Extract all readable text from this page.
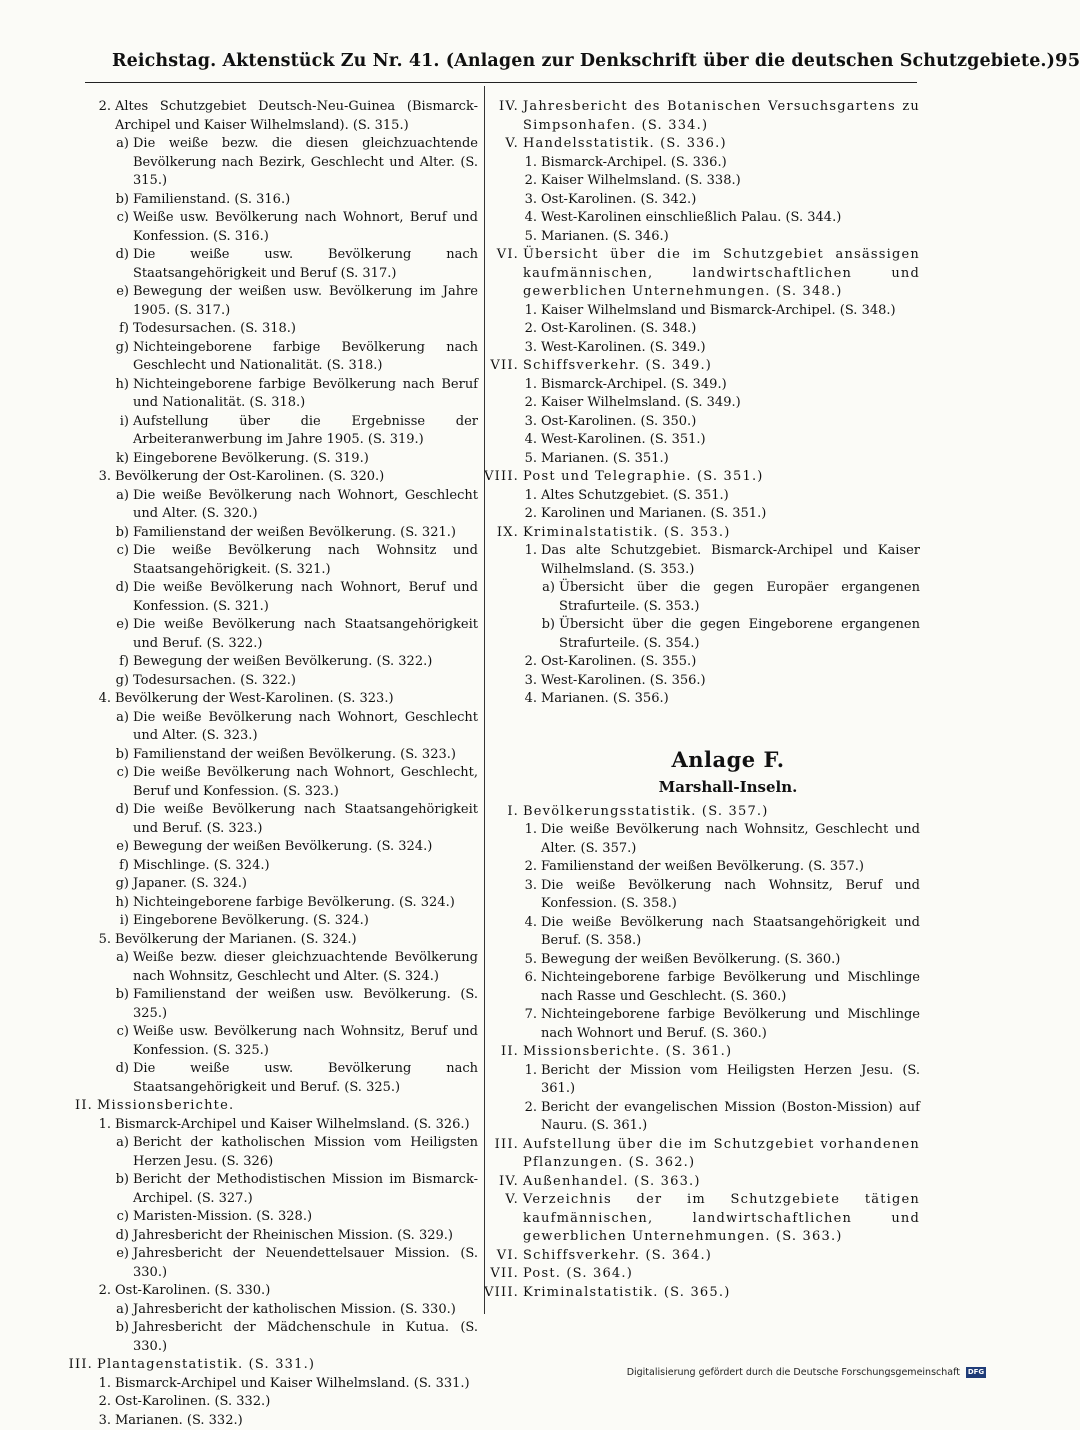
Reichstag. Aktenstück Zu Nr. 41. (Anlagen zur Denkschrift über die deutschen Schutzgebiete.) 95
2. Altes Schutzgebiet Deutsch-Neu-Guinea (Bismarck-Archipel und Kaiser Wilhelmsland). (S. 315.)
a) Die weiße bezw. die diesen gleichzuachtende Bevölkerung nach Bezirk, Geschlecht und Alter. (S. 315.)
b) Familienstand. (S. 316.)
c) Weiße usw. Bevölkerung nach Wohnort, Beruf und Konfession. (S. 316.)
d) Die weiße usw. Bevölkerung nach Staatsangehörigkeit und Beruf (S. 317.)
e) Bewegung der weißen usw. Bevölkerung im Jahre 1905. (S. 317.)
f) Todesursachen. (S. 318.)
g) Nichteingeborene farbige Bevölkerung nach Geschlecht und Nationalität. (S. 318.)
h) Nichteingeborene farbige Bevölkerung nach Beruf und Nationalität. (S. 318.)
i) Aufstellung über die Ergebnisse der Arbeiteranwerbung im Jahre 1905. (S. 319.)
k) Eingeborene Bevölkerung. (S. 319.)
3. Bevölkerung der Ost-Karolinen. (S. 320.)
a) Die weiße Bevölkerung nach Wohnort, Geschlecht und Alter. (S. 320.)
b) Familienstand der weißen Bevölkerung. (S. 321.)
c) Die weiße Bevölkerung nach Wohnsitz und Staatsangehörigkeit. (S. 321.)
d) Die weiße Bevölkerung nach Wohnort, Beruf und Konfession. (S. 321.)
e) Die weiße Bevölkerung nach Staatsangehörigkeit und Beruf. (S. 322.)
f) Bewegung der weißen Bevölkerung. (S. 322.)
g) Todesursachen. (S. 322.)
4. Bevölkerung der West-Karolinen. (S. 323.)
a) Die weiße Bevölkerung nach Wohnort, Geschlecht und Alter. (S. 323.)
b) Familienstand der weißen Bevölkerung. (S. 323.)
c) Die weiße Bevölkerung nach Wohnort, Geschlecht, Beruf und Konfession. (S. 323.)
d) Die weiße Bevölkerung nach Staatsangehörigkeit und Beruf. (S. 323.)
e) Bewegung der weißen Bevölkerung. (S. 324.)
f) Mischlinge. (S. 324.)
g) Japaner. (S. 324.)
h) Nichteingeborene farbige Bevölkerung. (S. 324.)
i) Eingeborene Bevölkerung. (S. 324.)
5. Bevölkerung der Marianen. (S. 324.)
a) Weiße bezw. dieser gleichzuachtende Bevölkerung nach Wohnsitz, Geschlecht und Alter. (S. 324.)
b) Familienstand der weißen usw. Bevölkerung. (S. 325.)
c) Weiße usw. Bevölkerung nach Wohnsitz, Beruf und Konfession. (S. 325.)
d) Die weiße usw. Bevölkerung nach Staatsangehörigkeit und Beruf. (S. 325.)
II. Missionsberichte.
1. Bismarck-Archipel und Kaiser Wilhelmsland. (S. 326.)
a) Bericht der katholischen Mission vom Heiligsten Herzen Jesu. (S. 326)
b) Bericht der Methodistischen Mission im Bismarck-Archipel. (S. 327.)
c) Maristen-Mission. (S. 328.)
d) Jahresbericht der Rheinischen Mission. (S. 329.)
e) Jahresbericht der Neuendettelsauer Mission. (S. 330.)
2. Ost-Karolinen. (S. 330.)
a) Jahresbericht der katholischen Mission. (S. 330.)
b) Jahresbericht der Mädchenschule in Kutua. (S. 330.)
III. Plantagenstatistik. (S. 331.)
1. Bismarck-Archipel und Kaiser Wilhelmsland. (S. 331.)
2. Ost-Karolinen. (S. 332.)
3. Marianen. (S. 332.)
IV. Jahresbericht des Botanischen Versuchsgartens zu Simpsonhafen. (S. 334.)
V. Handelsstatistik. (S. 336.)
1. Bismarck-Archipel. (S. 336.)
2. Kaiser Wilhelmsland. (S. 338.)
3. Ost-Karolinen. (S. 342.)
4. West-Karolinen einschließlich Palau. (S. 344.)
5. Marianen. (S. 346.)
VI. Übersicht über die im Schutzgebiet ansässigen kaufmännischen, landwirtschaftlichen und gewerblichen Unternehmungen. (S. 348.)
1. Kaiser Wilhelmsland und Bismarck-Archipel. (S. 348.)
2. Ost-Karolinen. (S. 348.)
3. West-Karolinen. (S. 349.)
VII. Schiffsverkehr. (S. 349.)
1. Bismarck-Archipel. (S. 349.)
2. Kaiser Wilhelmsland. (S. 349.)
3. Ost-Karolinen. (S. 350.)
4. West-Karolinen. (S. 351.)
5. Marianen. (S. 351.)
VIII. Post und Telegraphie. (S. 351.)
1. Altes Schutzgebiet. (S. 351.)
2. Karolinen und Marianen. (S. 351.)
IX. Kriminalstatistik. (S. 353.)
1. Das alte Schutzgebiet. Bismarck-Archipel und Kaiser Wilhelmsland. (S. 353.)
a) Übersicht über die gegen Europäer ergangenen Strafurteile. (S. 353.)
b) Übersicht über die gegen Eingeborene ergangenen Strafurteile. (S. 354.)
2. Ost-Karolinen. (S. 355.)
3. West-Karolinen. (S. 356.)
4. Marianen. (S. 356.)
Anlage F.
Marshall-Inseln.
I. Bevölkerungsstatistik. (S. 357.)
1. Die weiße Bevölkerung nach Wohnsitz, Geschlecht und Alter. (S. 357.)
2. Familienstand der weißen Bevölkerung. (S. 357.)
3. Die weiße Bevölkerung nach Wohnsitz, Beruf und Konfession. (S. 358.)
4. Die weiße Bevölkerung nach Staatsangehörigkeit und Beruf. (S. 358.)
5. Bewegung der weißen Bevölkerung. (S. 360.)
6. Nichteingeborene farbige Bevölkerung und Mischlinge nach Rasse und Geschlecht. (S. 360.)
7. Nichteingeborene farbige Bevölkerung und Mischlinge nach Wohnort und Beruf. (S. 360.)
II. Missionsberichte. (S. 361.)
1. Bericht der Mission vom Heiligsten Herzen Jesu. (S. 361.)
2. Bericht der evangelischen Mission (Boston-Mission) auf Nauru. (S. 361.)
III. Aufstellung über die im Schutzgebiet vorhandenen Pflanzungen. (S. 362.)
IV. Außenhandel. (S. 363.)
V. Verzeichnis der im Schutzgebiete tätigen kaufmännischen, landwirtschaftlichen und gewerblichen Unternehmungen. (S. 363.)
VI. Schiffsverkehr. (S. 364.)
VII. Post. (S. 364.)
VIII. Kriminalstatistik. (S. 365.)
Digitalisierung gefördert durch die Deutsche Forschungsgemeinschaft DFG
